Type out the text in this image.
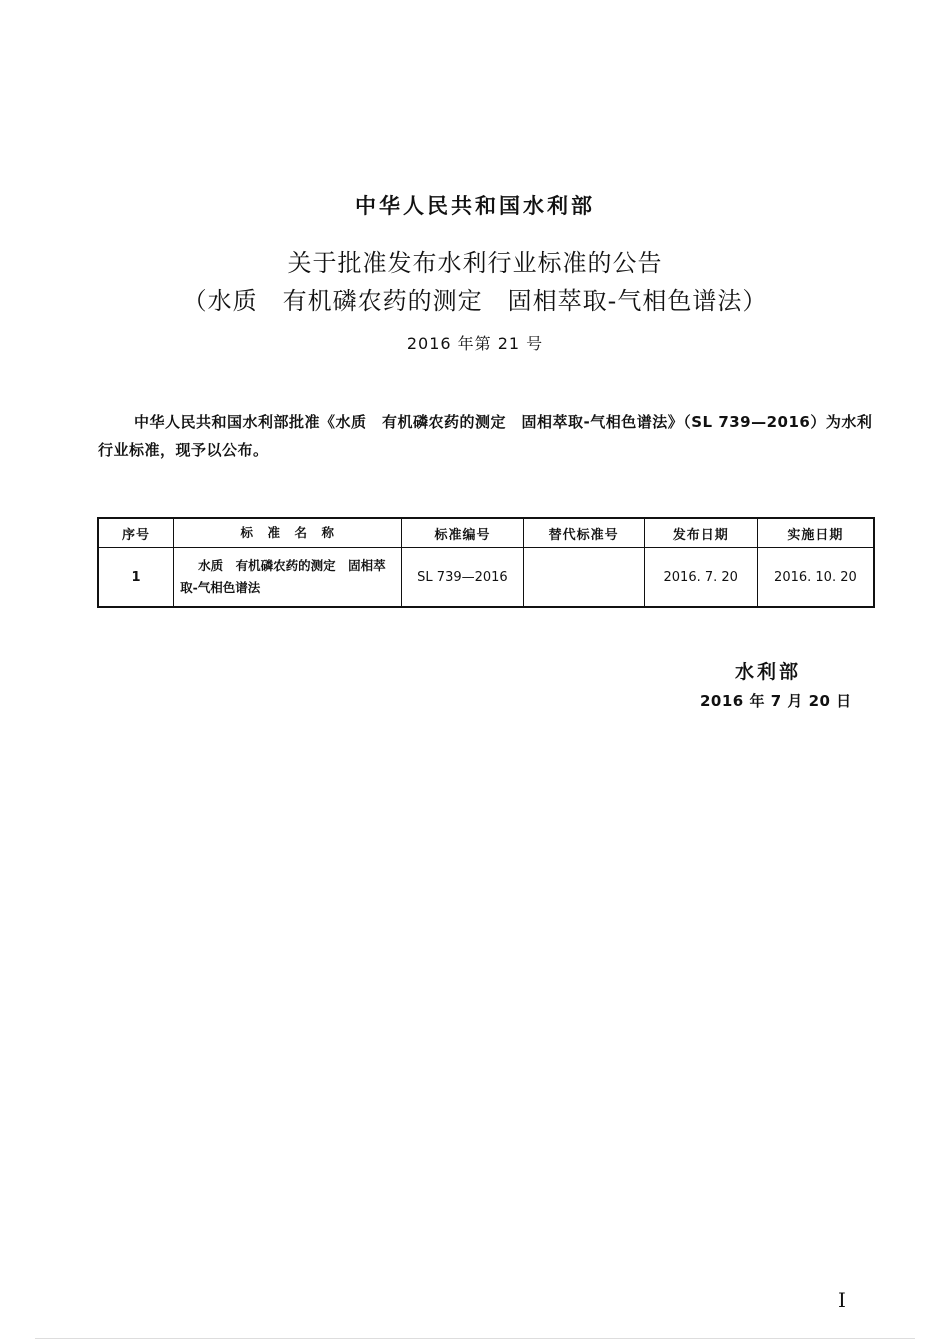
中华人民共和国水利部
关于批准发布水利行业标准的公告
（水质　有机磷农药的测定　固相萃取-气相色谱法）
2016 年第 21 号
中华人民共和国水利部批准《水质　有机磷农药的测定　固相萃取-气相色谱法》（SL 739—2016）为水利行业标准，现予以公布。
序号	标　准　名　称	标准编号	替代标准号	发布日期	实施日期
1	水质　有机磷农药的测定　固相萃取-气相色谱法	SL 739—2016		2016. 7. 20	2016. 10. 20
水利部
2016 年 7 月 20 日
I
